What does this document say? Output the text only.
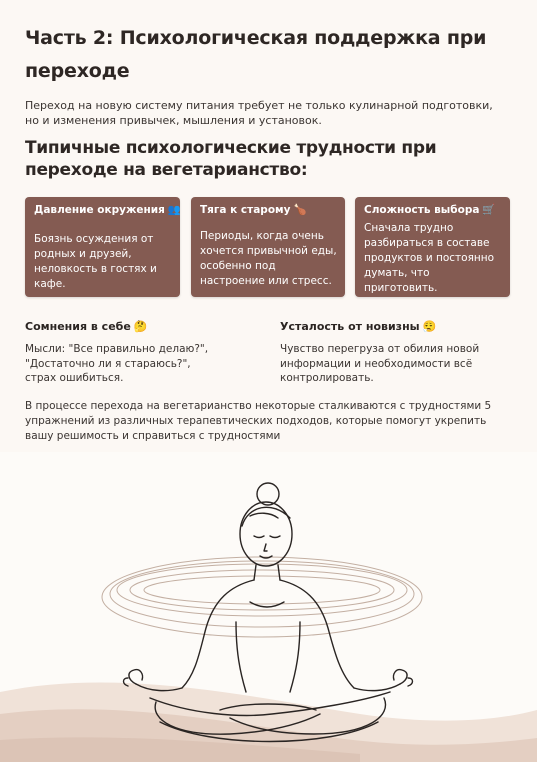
Часть 2: Психологическая поддержка при переходе
Переход на новую систему питания требует не только кулинарной подготовки, но и изменения привычек, мышления и установок.
Типичные психологические трудности при переходе на вегетарианство:
Давление окружения 👥
Боязнь осуждения от родных и друзей, неловкость в гостях и кафе.
Тяга к старому 🍗
Периоды, когда очень хочется привычной еды, особенно под настроение или стресс.
Сложность выбора 🛒
Сначала трудно разбираться в составе продуктов и постоянно думать, что приготовить.
Сомнения в себе 🤔
Мысли: "Все правильно делаю?", "Достаточно ли я стараюсь?", страх ошибиться.
Усталость от новизны 😮‍💨
Чувство перегруза от обилия новой информации и необходимости всё контролировать.
В процессе перехода на вегетарианство некоторые сталкиваются с трудностями 5 упражнений из различных терапевтических подходов, которые помогут укрепить вашу решимость и справиться с трудностями
